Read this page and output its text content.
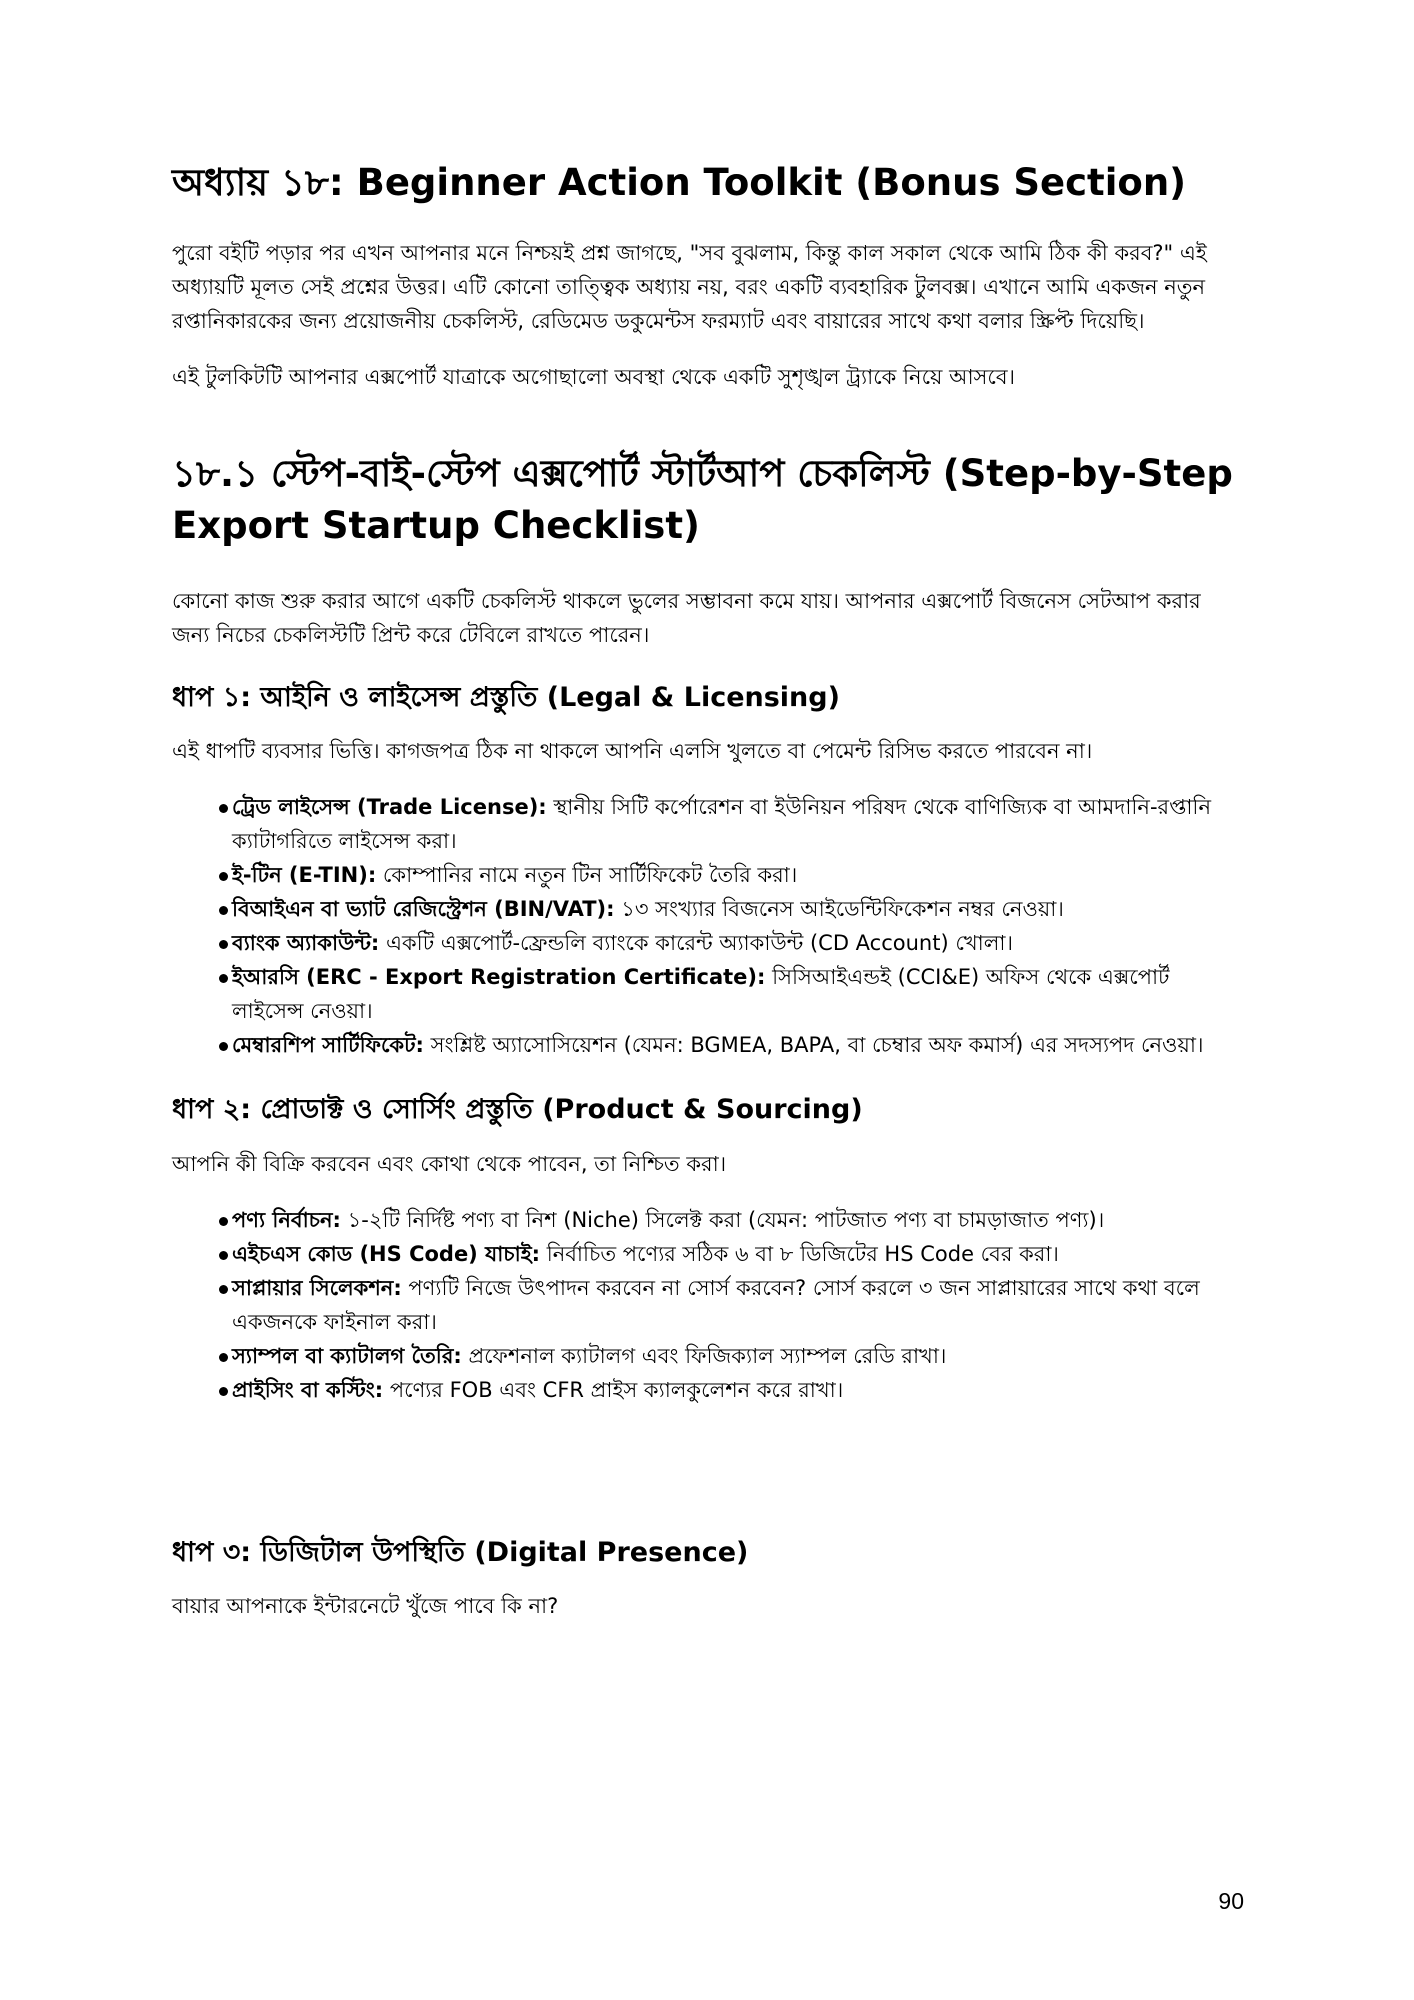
অধ্যায় ১৮: Beginner Action Toolkit (Bonus Section)

পুরো বইটি পড়ার পর এখন আপনার মনে নিশ্চয়ই প্রশ্ন জাগছে, "সব বুঝলাম, কিন্তু কাল সকাল থেকে আমি ঠিক কী করব?" এই অধ্যায়টি মূলত সেই প্রশ্নের উত্তর। এটি কোনো তাত্ত্বিক অধ্যায় নয়, বরং একটি ব্যবহারিক টুলবক্স। এখানে আমি একজন নতুন রপ্তানিকারকের জন্য প্রয়োজনীয় চেকলিস্ট, রেডিমেড ডকুমেন্টস ফরম্যাট এবং বায়ারের সাথে কথা বলার স্ক্রিপ্ট দিয়েছি।

এই টুলকিটটি আপনার এক্সপোর্ট যাত্রাকে অগোছালো অবস্থা থেকে একটি সুশৃঙ্খল ট্র্যাকে নিয়ে আসবে।

১৮.১ স্টেপ-বাই-স্টেপ এক্সপোর্ট স্টার্টআপ চেকলিস্ট (Step-by-Step Export Startup Checklist)

কোনো কাজ শুরু করার আগে একটি চেকলিস্ট থাকলে ভুলের সম্ভাবনা কমে যায়। আপনার এক্সপোর্ট বিজনেস সেটআপ করার জন্য নিচের চেকলিস্টটি প্রিন্ট করে টেবিলে রাখতে পারেন।

ধাপ ১: আইনি ও লাইসেন্স প্রস্তুতি (Legal & Licensing)

এই ধাপটি ব্যবসার ভিত্তি। কাগজপত্র ঠিক না থাকলে আপনি এলসি খুলতে বা পেমেন্ট রিসিভ করতে পারবেন না।

ট্রেড লাইসেন্স (Trade License): স্থানীয় সিটি কর্পোরেশন বা ইউনিয়ন পরিষদ থেকে বাণিজ্যিক বা আমদানি-রপ্তানি ক্যাটাগরিতে লাইসেন্স করা।
ই-টিন (E-TIN): কোম্পানির নামে নতুন টিন সার্টিফিকেট তৈরি করা।
বিআইএন বা ভ্যাট রেজিস্ট্রেশন (BIN/VAT): ১৩ সংখ্যার বিজনেস আইডেন্টিফিকেশন নম্বর নেওয়া।
ব্যাংক অ্যাকাউন্ট: একটি এক্সপোর্ট-ফ্রেন্ডলি ব্যাংকে কারেন্ট অ্যাকাউন্ট (CD Account) খোলা।
ইআরসি (ERC - Export Registration Certificate): সিসিআইএন্ডই (CCI&E) অফিস থেকে এক্সপোর্ট লাইসেন্স নেওয়া।
মেম্বারশিপ সার্টিফিকেট: সংশ্লিষ্ট অ্যাসোসিয়েশন (যেমন: BGMEA, BAPA, বা চেম্বার অফ কমার্স) এর সদস্যপদ নেওয়া।
ধাপ ২: প্রোডাক্ট ও সোর্সিং প্রস্তুতি (Product & Sourcing)

আপনি কী বিক্রি করবেন এবং কোথা থেকে পাবেন, তা নিশ্চিত করা।

পণ্য নির্বাচন: ১-২টি নির্দিষ্ট পণ্য বা নিশ (Niche) সিলেক্ট করা (যেমন: পাটজাত পণ্য বা চামড়াজাত পণ্য)।
এইচএস কোড (HS Code) যাচাই: নির্বাচিত পণ্যের সঠিক ৬ বা ৮ ডিজিটের HS Code বের করা।
সাপ্লায়ার সিলেকশন: পণ্যটি নিজে উৎপাদন করবেন না সোর্স করবেন? সোর্স করলে ৩ জন সাপ্লায়ারের সাথে কথা বলে একজনকে ফাইনাল করা।
স্যাম্পল বা ক্যাটালগ তৈরি: প্রফেশনাল ক্যাটালগ এবং ফিজিক্যাল স্যাম্পল রেডি রাখা।
প্রাইসিং বা কস্টিং: পণ্যের FOB এবং CFR প্রাইস ক্যালকুলেশন করে রাখা।
ধাপ ৩: ডিজিটাল উপস্থিতি (Digital Presence)

বায়ার আপনাকে ইন্টারনেটে খুঁজে পাবে কি না?

90
